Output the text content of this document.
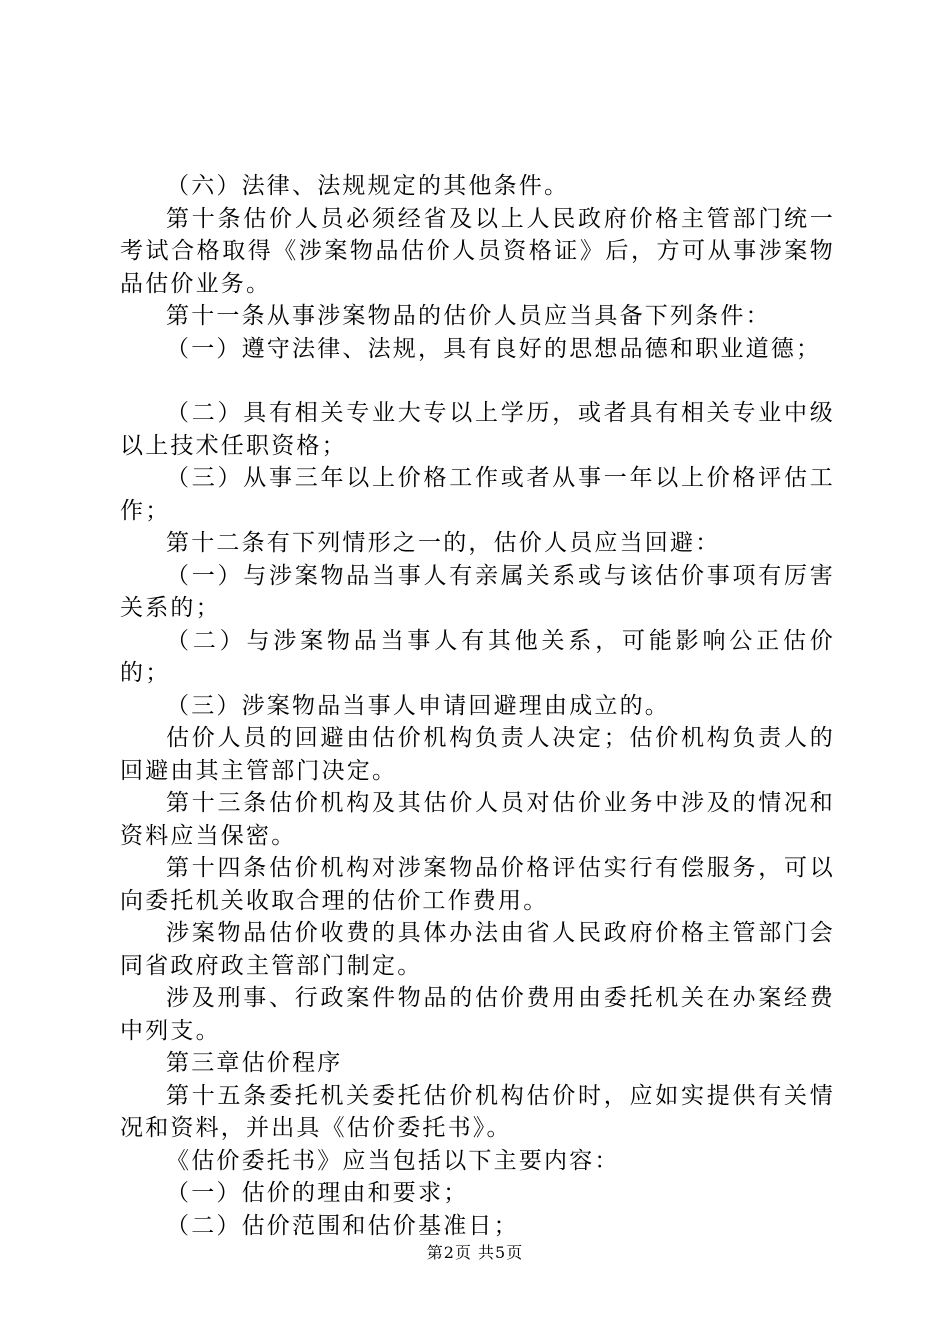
（六）法律、法规规定的其他条件。

第十条估价人员必须经省及以上人民政府价格主管部门统一考试合格取得《涉案物品估价人员资格证》后，方可从事涉案物品估价业务。

第十一条从事涉案物品的估价人员应当具备下列条件：

（一）遵守法律、法规，具有良好的思想品德和职业道德；

（二）具有相关专业大专以上学历，或者具有相关专业中级以上技术任职资格；

（三）从事三年以上价格工作或者从事一年以上价格评估工作；

第十二条有下列情形之一的，估价人员应当回避：

（一）与涉案物品当事人有亲属关系或与该估价事项有厉害关系的；

（二）与涉案物品当事人有其他关系，可能影响公正估价的；

（三）涉案物品当事人申请回避理由成立的。

估价人员的回避由估价机构负责人决定；估价机构负责人的回避由其主管部门决定。

第十三条估价机构及其估价人员对估价业务中涉及的情况和资料应当保密。

第十四条估价机构对涉案物品价格评估实行有偿服务，可以向委托机关收取合理的估价工作费用。

涉案物品估价收费的具体办法由省人民政府价格主管部门会同省政府政主管部门制定。

涉及刑事、行政案件物品的估价费用由委托机关在办案经费中列支。

第三章估价程序

第十五条委托机关委托估价机构估价时，应如实提供有关情况和资料，并出具《估价委托书》。

《估价委托书》应当包括以下主要内容：

（一）估价的理由和要求；

（二）估价范围和估价基准日；

第2页 共5页
